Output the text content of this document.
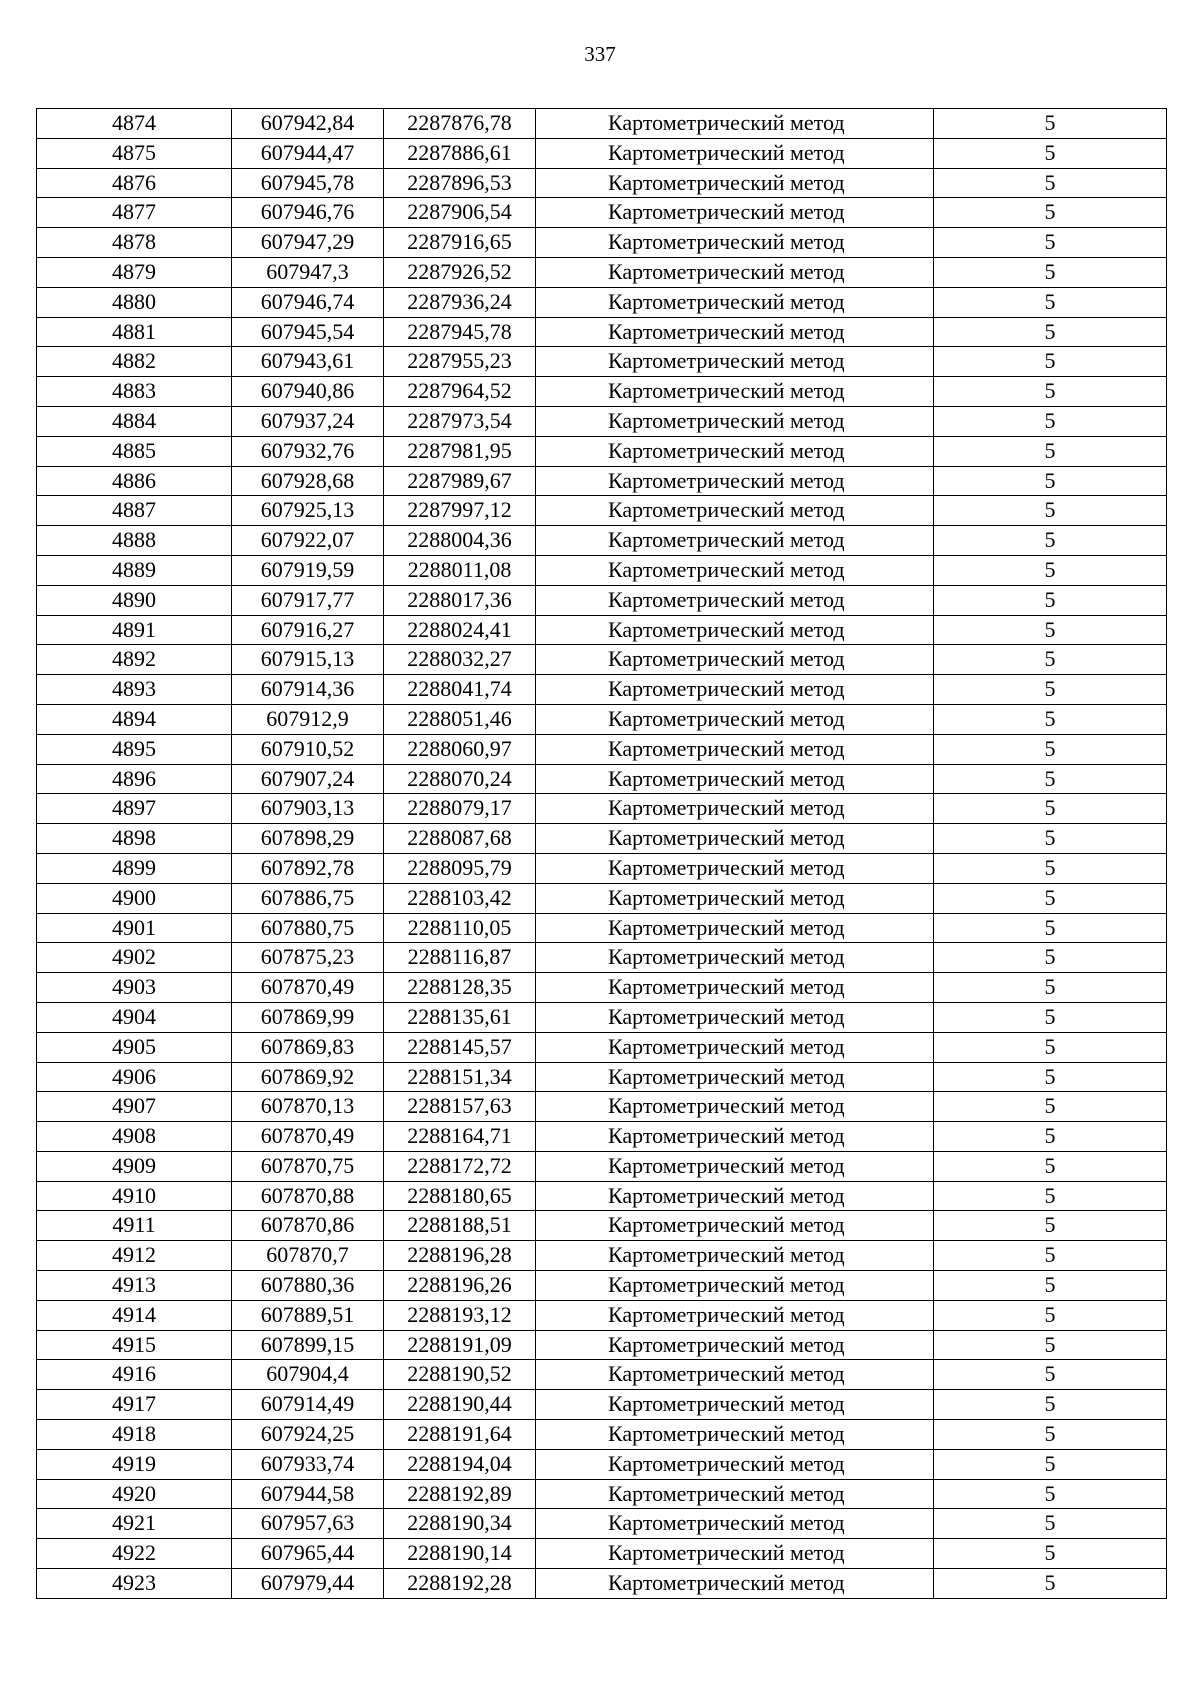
337
4874	607942,84	2287876,78	Картометрический метод	5
4875	607944,47	2287886,61	Картометрический метод	5
4876	607945,78	2287896,53	Картометрический метод	5
4877	607946,76	2287906,54	Картометрический метод	5
4878	607947,29	2287916,65	Картометрический метод	5
4879	607947,3	2287926,52	Картометрический метод	5
4880	607946,74	2287936,24	Картометрический метод	5
4881	607945,54	2287945,78	Картометрический метод	5
4882	607943,61	2287955,23	Картометрический метод	5
4883	607940,86	2287964,52	Картометрический метод	5
4884	607937,24	2287973,54	Картометрический метод	5
4885	607932,76	2287981,95	Картометрический метод	5
4886	607928,68	2287989,67	Картометрический метод	5
4887	607925,13	2287997,12	Картометрический метод	5
4888	607922,07	2288004,36	Картометрический метод	5
4889	607919,59	2288011,08	Картометрический метод	5
4890	607917,77	2288017,36	Картометрический метод	5
4891	607916,27	2288024,41	Картометрический метод	5
4892	607915,13	2288032,27	Картометрический метод	5
4893	607914,36	2288041,74	Картометрический метод	5
4894	607912,9	2288051,46	Картометрический метод	5
4895	607910,52	2288060,97	Картометрический метод	5
4896	607907,24	2288070,24	Картометрический метод	5
4897	607903,13	2288079,17	Картометрический метод	5
4898	607898,29	2288087,68	Картометрический метод	5
4899	607892,78	2288095,79	Картометрический метод	5
4900	607886,75	2288103,42	Картометрический метод	5
4901	607880,75	2288110,05	Картометрический метод	5
4902	607875,23	2288116,87	Картометрический метод	5
4903	607870,49	2288128,35	Картометрический метод	5
4904	607869,99	2288135,61	Картометрический метод	5
4905	607869,83	2288145,57	Картометрический метод	5
4906	607869,92	2288151,34	Картометрический метод	5
4907	607870,13	2288157,63	Картометрический метод	5
4908	607870,49	2288164,71	Картометрический метод	5
4909	607870,75	2288172,72	Картометрический метод	5
4910	607870,88	2288180,65	Картометрический метод	5
4911	607870,86	2288188,51	Картометрический метод	5
4912	607870,7	2288196,28	Картометрический метод	5
4913	607880,36	2288196,26	Картометрический метод	5
4914	607889,51	2288193,12	Картометрический метод	5
4915	607899,15	2288191,09	Картометрический метод	5
4916	607904,4	2288190,52	Картометрический метод	5
4917	607914,49	2288190,44	Картометрический метод	5
4918	607924,25	2288191,64	Картометрический метод	5
4919	607933,74	2288194,04	Картометрический метод	5
4920	607944,58	2288192,89	Картометрический метод	5
4921	607957,63	2288190,34	Картометрический метод	5
4922	607965,44	2288190,14	Картометрический метод	5
4923	607979,44	2288192,28	Картометрический метод	5
